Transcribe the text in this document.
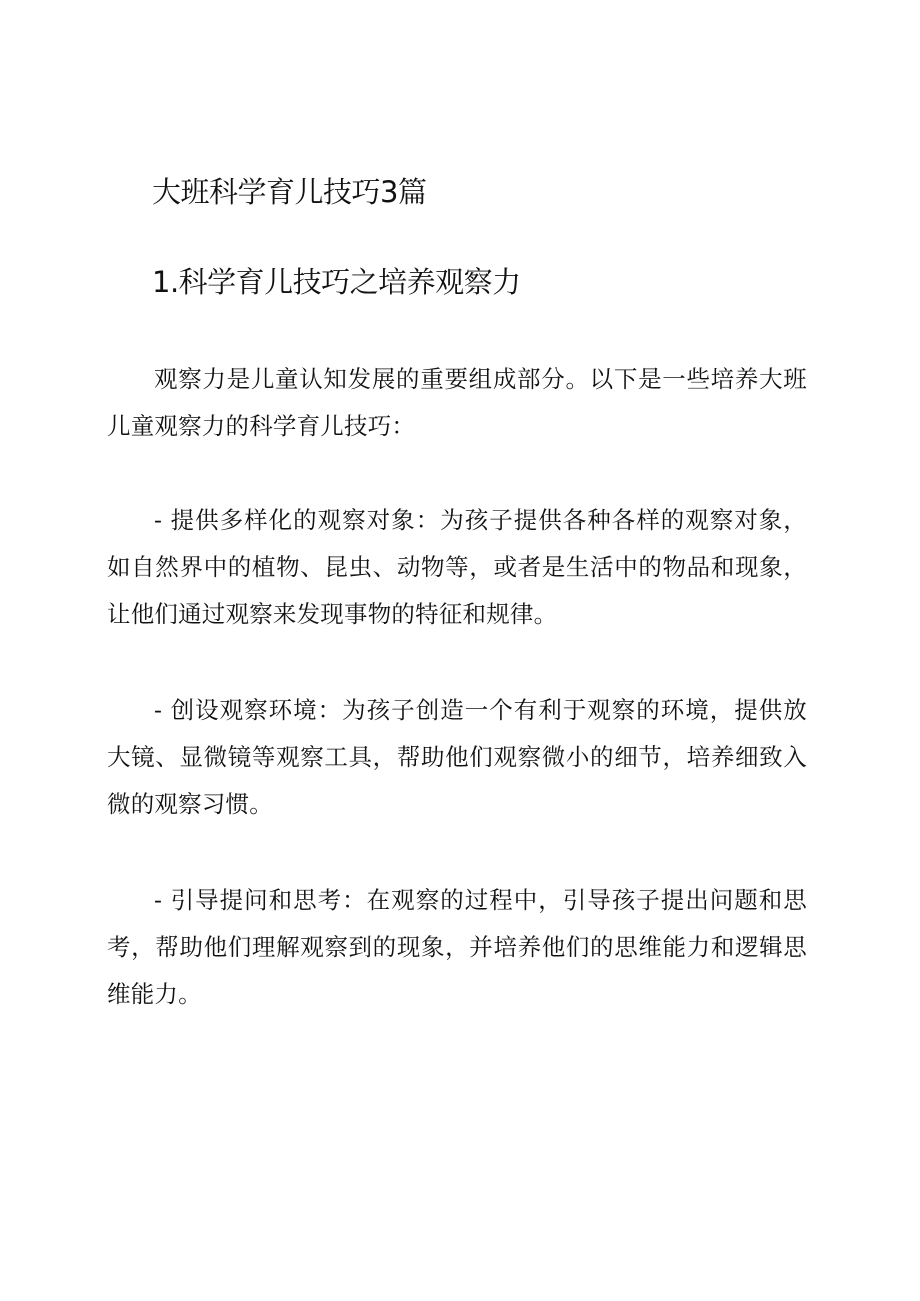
大班科学育儿技巧3篇
1.科学育儿技巧之培养观察力

观察力是儿童认知发展的重要组成部分。以下是一些培养大班儿童观察力的科学育儿技巧：

- 提供多样化的观察对象：为孩子提供各种各样的观察对象，如自然界中的植物、昆虫、动物等，或者是生活中的物品和现象，让他们通过观察来发现事物的特征和规律。

- 创设观察环境：为孩子创造一个有利于观察的环境，提供放大镜、显微镜等观察工具，帮助他们观察微小的细节，培养细致入微的观察习惯。

- 引导提问和思考：在观察的过程中，引导孩子提出问题和思考，帮助他们理解观察到的现象，并培养他们的思维能力和逻辑思维能力。
